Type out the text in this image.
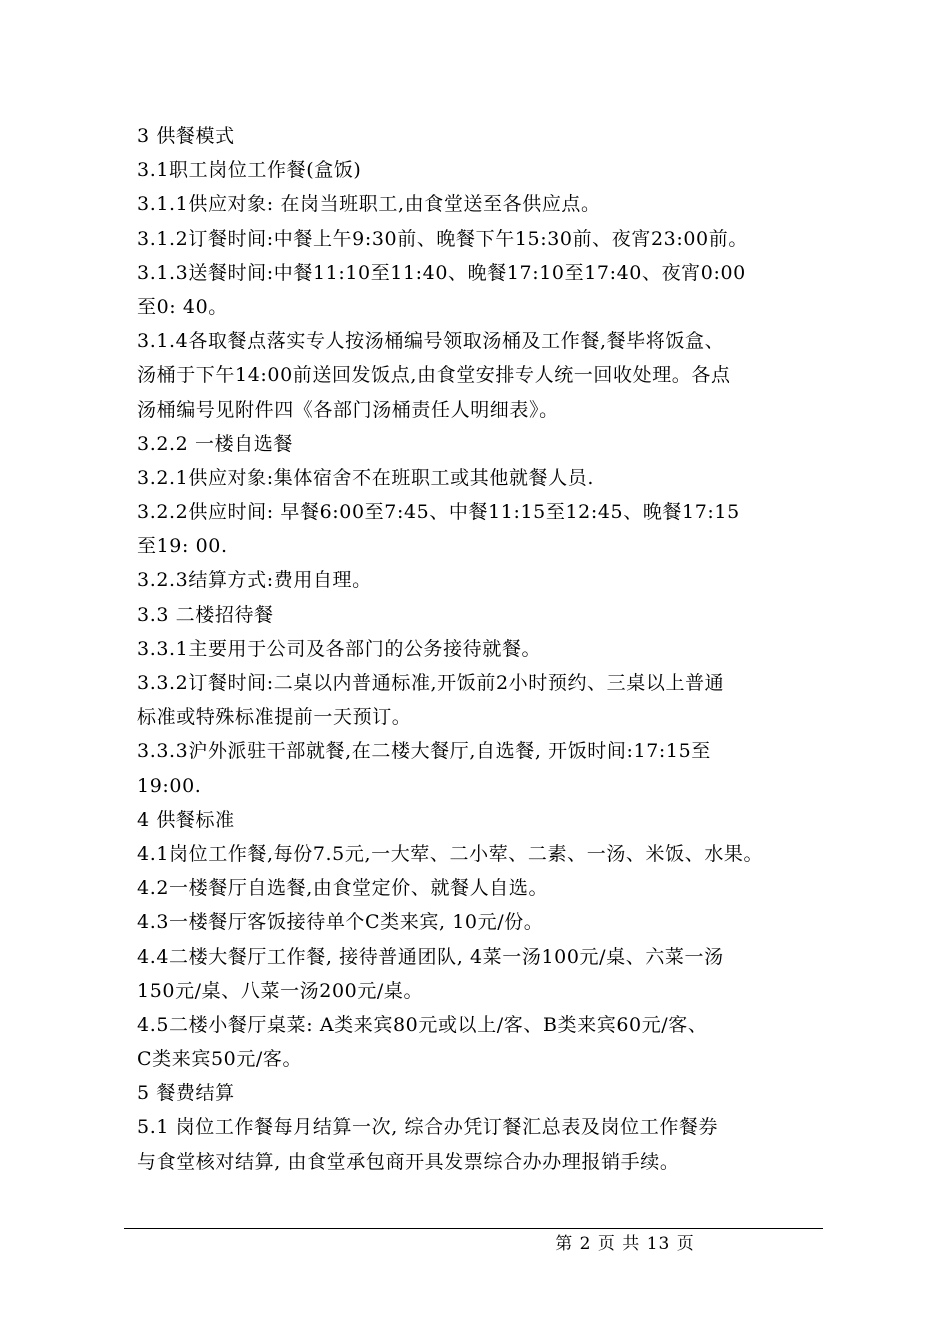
3 供餐模式
3.1职工岗位工作餐(盒饭)
3.1.1供应对象: 在岗当班职工,由食堂送至各供应点。
3.1.2订餐时间:中餐上午9:30前、晚餐下午15:30前、夜宵23:00前。
3.1.3送餐时间:中餐11:10至11:40、晚餐17:10至17:40、夜宵0:00
至0: 40。
3.1.4各取餐点落实专人按汤桶编号领取汤桶及工作餐,餐毕将饭盒、
汤桶于下午14:00前送回发饭点,由食堂安排专人统一回收处理。各点
汤桶编号见附件四《各部门汤桶责任人明细表》。
3.2.2 一楼自选餐
3.2.1供应对象:集体宿舍不在班职工或其他就餐人员.
3.2.2供应时间: 早餐6:00至7:45、中餐11:15至12:45、晚餐17:15
至19: 00.
3.2.3结算方式:费用自理。
3.3 二楼招待餐
3.3.1主要用于公司及各部门的公务接待就餐。
3.3.2订餐时间:二桌以内普通标准,开饭前2小时预约、三桌以上普通
标准或特殊标准提前一天预订。
3.3.3沪外派驻干部就餐,在二楼大餐厅,自选餐, 开饭时间:17:15至
19:00.
4 供餐标准
4.1岗位工作餐,每份7.5元,一大荤、二小荤、二素、一汤、米饭、水果。
4.2一楼餐厅自选餐,由食堂定价、就餐人自选。
4.3一楼餐厅客饭接待单个C类来宾, 10元/份。
4.4二楼大餐厅工作餐, 接待普通团队, 4菜一汤100元/桌、六菜一汤
150元/桌、八菜一汤200元/桌。
4.5二楼小餐厅桌菜: A类来宾80元或以上/客、B类来宾60元/客、
C类来宾50元/客。
5 餐费结算
5.1 岗位工作餐每月结算一次, 综合办凭订餐汇总表及岗位工作餐券
与食堂核对结算, 由食堂承包商开具发票综合办办理报销手续。
第 2 页 共 13 页
